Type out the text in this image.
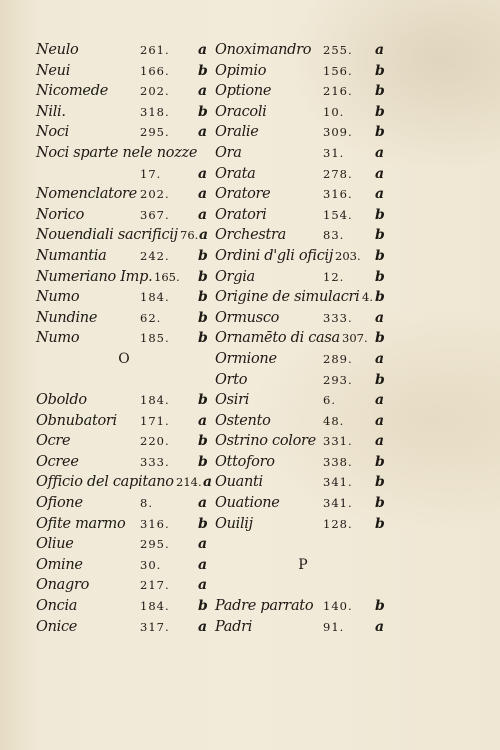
Neulo	261. a
Neui	166. b
Nicomede	202. a
Nili.	318. b
Noci	295. a
Noci sparte nele nozze
17.	a
Nomenclatore 202. a
Norico	367. a
Nouendiali sacrificij 76. a
Numantia	242. b
Numeriano Imp. 165. b
Numo	184. b
Nundine	62.	b
Numo	185. b
O
Oboldo	184. b
Obnubatori 171. a
Ocre	220. b
Ocree	333. b
Officio del capitano 214. a
Ofione	8.	a
Ofite marmo 316. b
Oliue	295. a
Omine	30.	a
Onagro	217. a
Oncia	184. b
Onice	317. a
Onoximandro 255. a
Opimio	156. b
Optione	216. b
Oracoli	10. b
Oralie	309. b
Ora	31. a
Orata	278. a
Oratore	316. a
Oratori	154. b
Orchestra	83. b
Ordini d'gli oficij 203. b
Orgia	12. b
Origine de simulacri 4. b
Ormusco	333. a
Ornamēto di casa 307. b
Ormione	289. a
Orto	293. b
Osiri	6.	a
Ostento	48. a
Ostrino colore 331. a
Ottoforo	338. b
Ouanti	341. b
Ouatione	341. b
Ouilij	128. b
P
Padre parrato 140. b
Padri	91. a
